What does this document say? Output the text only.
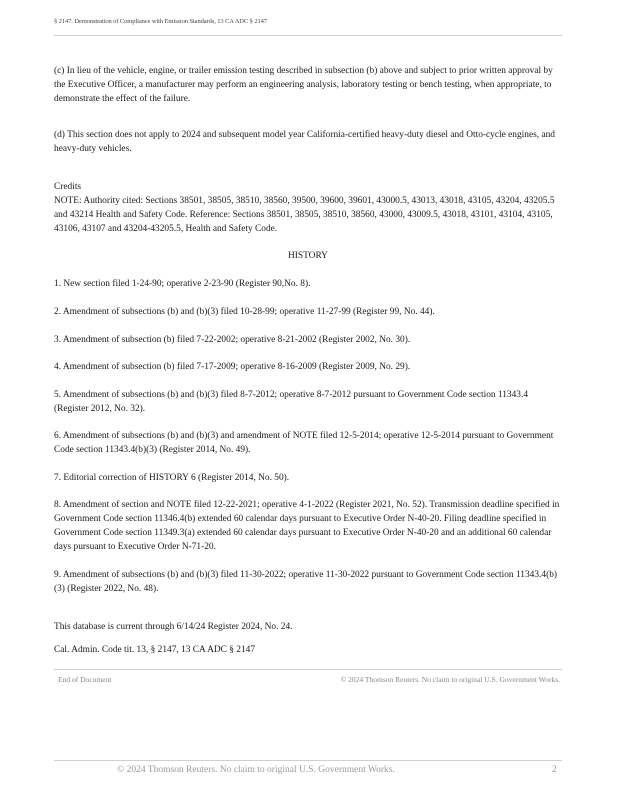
§ 2147. Demonstration of Compliance with Emission Standards, 13 CA ADC § 2147
(c) In lieu of the vehicle, engine, or trailer emission testing described in subsection (b) above and subject to prior written approval by the Executive Officer, a manufacturer may perform an engineering analysis, laboratory testing or bench testing, when appropriate, to demonstrate the effect of the failure.
(d) This section does not apply to 2024 and subsequent model year California-certified heavy-duty diesel and Otto-cycle engines, and heavy-duty vehicles.
Credits
NOTE: Authority cited: Sections 38501, 38505, 38510, 38560, 39500, 39600, 39601, 43000.5, 43013, 43018, 43105, 43204, 43205.5 and 43214 Health and Safety Code. Reference: Sections 38501, 38505, 38510, 38560, 43000, 43009.5, 43018, 43101, 43104, 43105, 43106, 43107 and 43204-43205.5, Health and Safety Code.
HISTORY
1. New section filed 1-24-90; operative 2-23-90 (Register 90,No. 8).
2. Amendment of subsections (b) and (b)(3) filed 10-28-99; operative 11-27-99 (Register 99, No. 44).
3. Amendment of subsection (b) filed 7-22-2002; operative 8-21-2002 (Register 2002, No. 30).
4. Amendment of subsection (b) filed 7-17-2009; operative 8-16-2009 (Register 2009, No. 29).
5. Amendment of subsections (b) and (b)(3) filed 8-7-2012; operative 8-7-2012 pursuant to Government Code section 11343.4 (Register 2012, No. 32).
6. Amendment of subsections (b) and (b)(3) and amendment of NOTE filed 12-5-2014; operative 12-5-2014 pursuant to Government Code section 11343.4(b)(3) (Register 2014, No. 49).
7. Editorial correction of HISTORY 6 (Register 2014, No. 50).
8. Amendment of section and NOTE filed 12-22-2021; operative 4-1-2022 (Register 2021, No. 52). Transmission deadline specified in Government Code section 11346.4(b) extended 60 calendar days pursuant to Executive Order N-40-20. Filing deadline specified in Government Code section 11349.3(a) extended 60 calendar days pursuant to Executive Order N-40-20 and an additional 60 calendar days pursuant to Executive Order N-71-20.
9. Amendment of subsections (b) and (b)(3) filed 11-30-2022; operative 11-30-2022 pursuant to Government Code section 11343.4(b)(3) (Register 2022, No. 48).
This database is current through 6/14/24 Register 2024, No. 24.
Cal. Admin. Code tit. 13, § 2147, 13 CA ADC § 2147
End of Document	© 2024 Thomson Reuters. No claim to original U.S. Government Works.
© 2024 Thomson Reuters. No claim to original U.S. Government Works.	2
